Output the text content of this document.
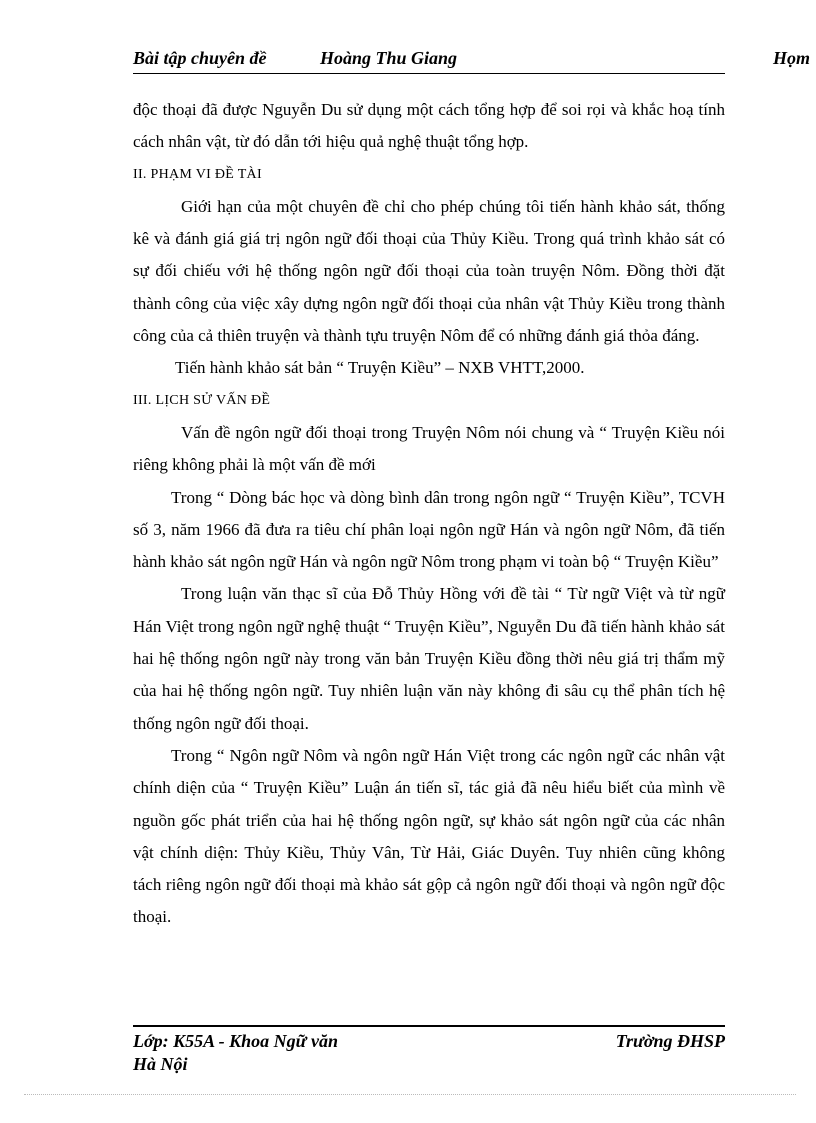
Bài tập chuyên đề	Hoàng Thu Giang	Họm

độc thoại đã được Nguyễn Du sử dụng một cách tổng hợp để soi rọi và khắc hoạ tính cách nhân vật, từ đó dẫn tới hiệu quả nghệ thuật tổng hợp.

II. PHẠM VI ĐỀ TÀI

Giới hạn của một chuyên đề chỉ cho phép chúng tôi tiến hành khảo sát, thống kê và đánh giá giá trị ngôn ngữ đối thoại của Thủy Kiều. Trong quá trình khảo sát có sự đối chiếu với hệ thống ngôn ngữ đối thoại của toàn truyện Nôm. Đồng thời đặt thành công của việc xây dựng ngôn ngữ đối thoại của nhân vật Thủy Kiều trong thành công của cả thiên truyện và thành tựu truyện Nôm để có những đánh giá thỏa đáng.

Tiến hành khảo sát bản “ Truyện Kiều” – NXB VHTT,2000.

III. LỊCH SỬ VẤN ĐỀ

Vấn đề ngôn ngữ đối thoại trong Truyện Nôm nói chung và “ Truyện Kiều nói riêng không phải là một vấn đề mới

Trong “ Dòng bác học và dòng bình dân trong ngôn ngữ “ Truyện Kiều”, TCVH số 3, năm 1966 đã đưa ra tiêu chí phân loại ngôn ngữ Hán và ngôn ngữ Nôm, đã tiến hành khảo sát ngôn ngữ Hán và ngôn ngữ Nôm trong phạm vi toàn bộ “ Truyện Kiều”

Trong luận văn thạc sĩ của Đỗ Thủy Hồng với đề tài “ Từ ngữ Việt và từ ngữ Hán Việt trong ngôn ngữ nghệ thuật “ Truyện Kiều”, Nguyễn Du đã tiến hành khảo sát hai hệ thống ngôn ngữ này trong văn bản Truyện Kiều đồng thời nêu giá trị thẩm mỹ của hai hệ thống ngôn ngữ. Tuy nhiên luận văn này không đi sâu cụ thể phân tích hệ thống ngôn ngữ đối thoại.

Trong “ Ngôn ngữ Nôm và ngôn ngữ Hán Việt trong các ngôn ngữ các nhân vật chính diện của “ Truyện Kiều” Luận án tiến sĩ, tác giả đã nêu hiểu biết của mình về nguồn gốc phát triển của hai hệ thống ngôn ngữ, sự khảo sát ngôn ngữ của các nhân vật chính diện: Thủy Kiều, Thủy Vân, Từ Hải, Giác Duyên. Tuy nhiên cũng không tách riêng ngôn ngữ đối thoại mà khảo sát gộp cả ngôn ngữ đối thoại và ngôn ngữ độc thoại.

Lớp: K55A - Khoa Ngữ văn	Trường ĐHSP
Hà Nội
